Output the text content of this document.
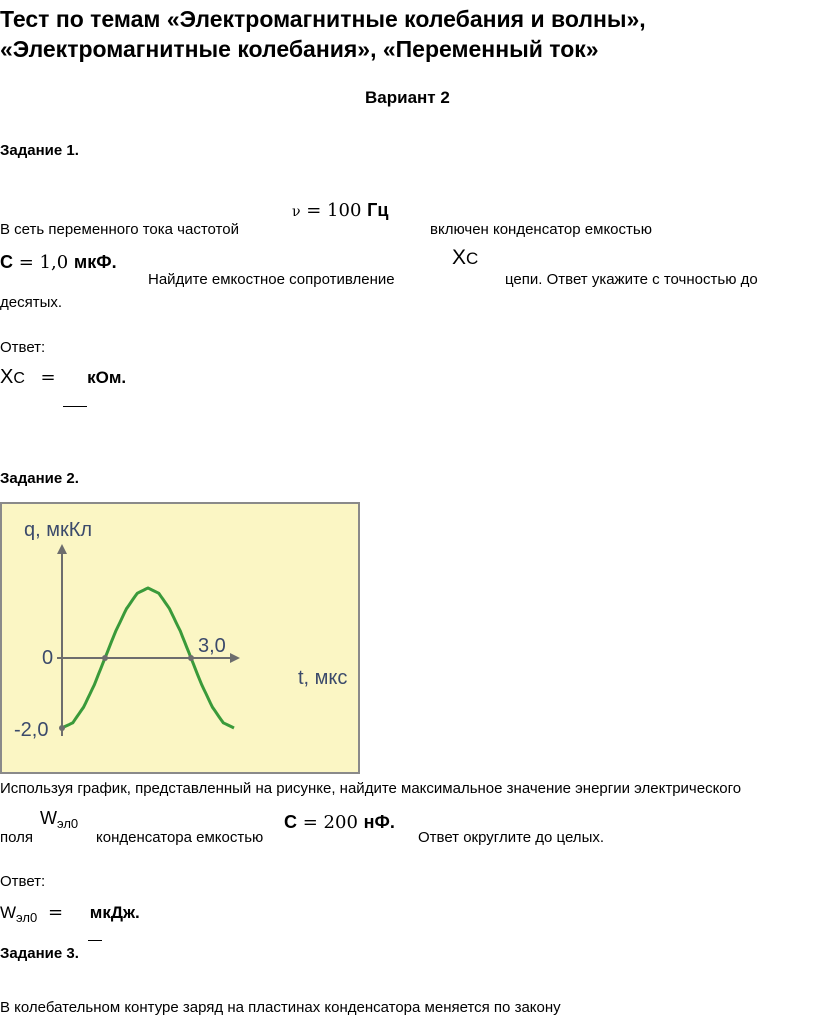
Тест по темам «Электромагнитные колебания и волны»,
«Электромагнитные колебания», «Переменный ток»
Вариант 2
Задание 1.
ν = 100 Гц
В сеть переменного тока частотой	включен конденсатор емкостью
C = 1,0 мкФ.
Найдите емкостное сопротивление
XC
цепи. Ответ укажите с точностью до
десятых.
Ответ:
XC = кОм.
Задание 2.
q, мкКл
t, мкс
0
-2,0
3,0
Используя график, представленный на рисунке, найдите максимальное значение энергии электрического
поля
$W_{эл0}$
конденсатора емкостью
C = 200 нФ.
Ответ округлите до целых.
Ответ:
$W_{эл0}$ = мкДж.
Задание 3.
В колебательном контуре заряд на пластинах конденсатора меняется по закону
